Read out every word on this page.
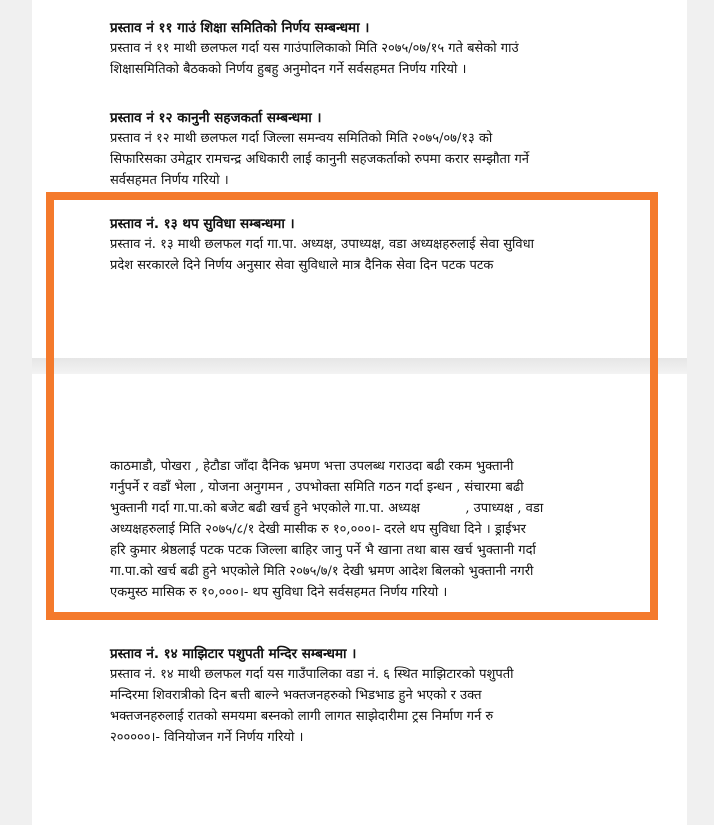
प्रस्ताव नं ११ गाउं शिक्षा समितिको निर्णय सम्बन्धमा ।

प्रस्ताव नं ११ माथी छलफल गर्दा यस गाउंपालिकाको मिति २०७५/०७/१५ गते बसेको गाउं

शिक्षासमितिको बैठकको निर्णय हुबहु अनुमोदन गर्ने सर्वसहमत निर्णय गरियो ।

प्रस्ताव नं १२ कानुनी सहजकर्ता सम्बन्धमा ।

प्रस्ताव नं १२ माथी छलफल गर्दा जिल्ला समन्वय समितिको मिति २०७५/०७/१३ को

सिफारिसका उमेद्वार रामचन्द्र अधिकारी लाई कानुनी सहजकर्ताको रुपमा करार सम्झौता गर्ने

सर्वसहमत निर्णय गरियो ।

प्रस्ताव नं. १३ थप सुविधा सम्बन्धमा ।

प्रस्ताव नं. १३ माथी छलफल गर्दा गा.पा. अध्यक्ष, उपाध्यक्ष, वडा अध्यक्षहरुलाई सेवा सुविधा

प्रदेश सरकारले दिने निर्णय अनुसार सेवा सुविधाले मात्र दैनिक सेवा दिन पटक पटक

काठमाडौ, पोखरा , हेटौडा जाँदा दैनिक भ्रमण भत्ता उपलब्ध गराउदा बढी रकम भुक्तानी

गर्नुपर्ने र वडाँ भेला , योजना अनुगमन , उपभोक्ता समिति गठन गर्दा इन्धन , संचारमा बढी

भुक्तानी गर्दा गा.पा.को बजेट बढी खर्च हुने भएकोले गा.पा. अध्यक्ष           , उपाध्यक्ष , वडा

अध्यक्षहरुलाई मिति २०७५/८/१ देखी मासीक रु १०,०००।- दरले थप सुविधा दिने । ड्राईभर

हरि कुमार श्रेष्ठलाई पटक पटक जिल्ला बाहिर जानु पर्ने भै खाना तथा बास खर्च भुक्तानी गर्दा

गा.पा.को खर्च बढी हुने भएकोले मिति २०७५/७/१ देखी भ्रमण आदेश बिलको भुक्तानी नगरी

एकमुस्ठ मासिक रु १०,०००।- थप सुविधा दिने सर्वसहमत निर्णय गरियो ।

प्रस्ताव नं. १४ माझिटार पशुपती मन्दिर सम्बन्धमा ।

प्रस्ताव नं. १४ माथी छलफल गर्दा यस गाउँपालिका वडा नं. ६ स्थित माझिटारको पशुपती

मन्दिरमा शिवरात्रीको दिन बत्ती बाल्ने भक्तजनहरुको भिडभाड हुने भएको र उक्त

भक्तजनहरुलाई रातको समयमा बस्नको लागी लागत साझेदारीमा ट्रस निर्माण गर्न रु

२०००००।- विनियोजन गर्ने निर्णय गरियो ।
